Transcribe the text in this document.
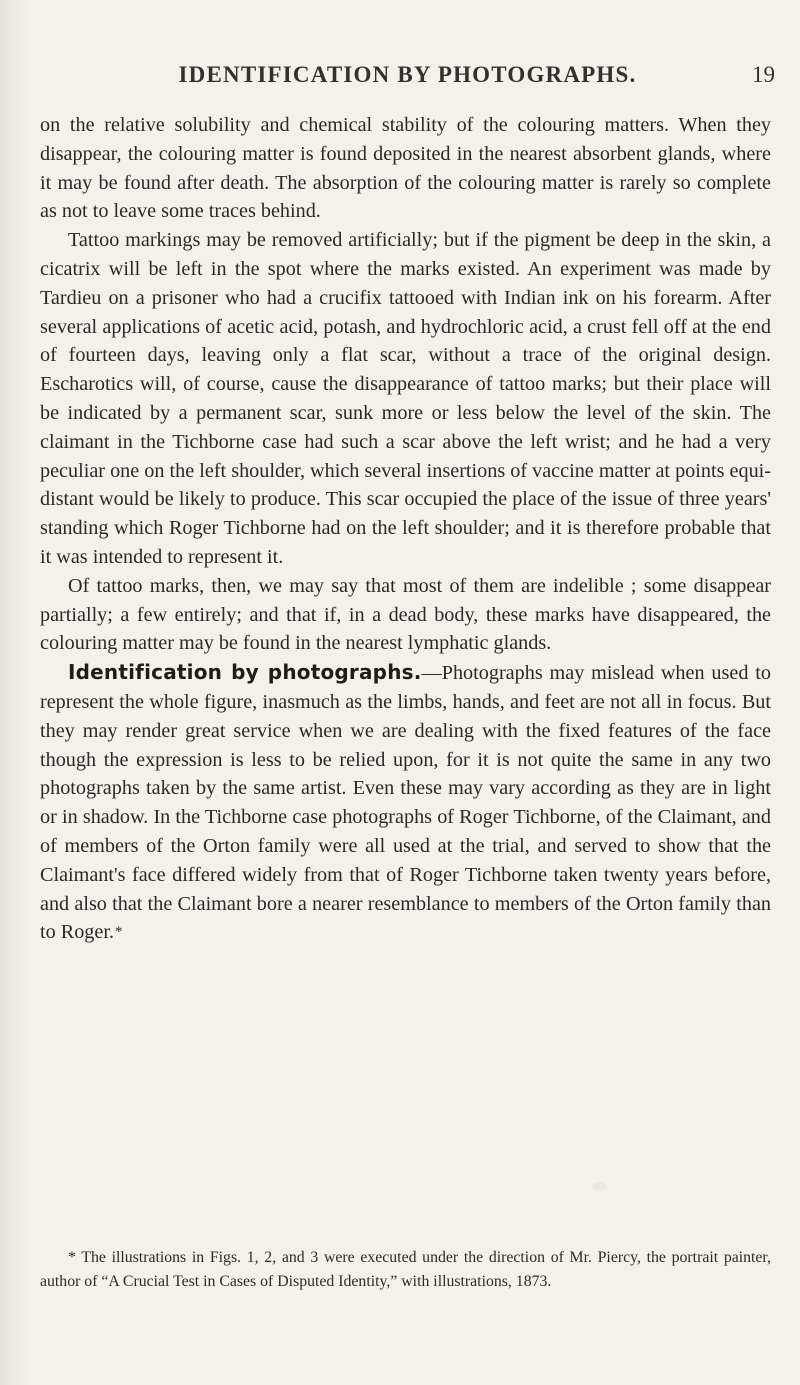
IDENTIFICATION BY PHOTOGRAPHS.	19

on the relative solubility and chemical stability of the colouring matters. When they disappear, the colouring matter is found deposited in the nearest absorbent glands, where it may be found after death. The absorption of the colouring matter is rarely so complete as not to leave some traces behind.

Tattoo markings may be removed artificially; but if the pigment be deep in the skin, a cicatrix will be left in the spot where the marks existed. An experiment was made by Tardieu on a prisoner who had a crucifix tattooed with Indian ink on his forearm. After several applications of acetic acid, potash, and hydrochloric acid, a crust fell off at the end of fourteen days, leaving only a flat scar, without a trace of the original design. Escharotics will, of course, cause the disappearance of tattoo marks; but their place will be indicated by a permanent scar, sunk more or less below the level of the skin. The claimant in the Tichborne case had such a scar above the left wrist; and he had a very peculiar one on the left shoulder, which several insertions of vaccine matter at points equi-distant would be likely to produce. This scar occupied the place of the issue of three years' standing which Roger Tichborne had on the left shoulder; and it is therefore probable that it was intended to represent it.

Of tattoo marks, then, we may say that most of them are indelible ; some disappear partially; a few entirely; and that if, in a dead body, these marks have disappeared, the colouring matter may be found in the nearest lymphatic glands.

Identification by photographs.—Photographs may mislead when used to represent the whole figure, inasmuch as the limbs, hands, and feet are not all in focus. But they may render great service when we are dealing with the fixed features of the face though the expression is less to be relied upon, for it is not quite the same in any two photographs taken by the same artist. Even these may vary according as they are in light or in shadow. In the Tichborne case photographs of Roger Tichborne, of the Claimant, and of members of the Orton family were all used at the trial, and served to show that the Claimant's face differed widely from that of Roger Tichborne taken twenty years before, and also that the Claimant bore a nearer resemblance to members of the Orton family than to Roger.*

* The illustrations in Figs. 1, 2, and 3 were executed under the direction of Mr. Piercy, the portrait painter, author of “A Crucial Test in Cases of Disputed Identity,” with illustrations, 1873.
